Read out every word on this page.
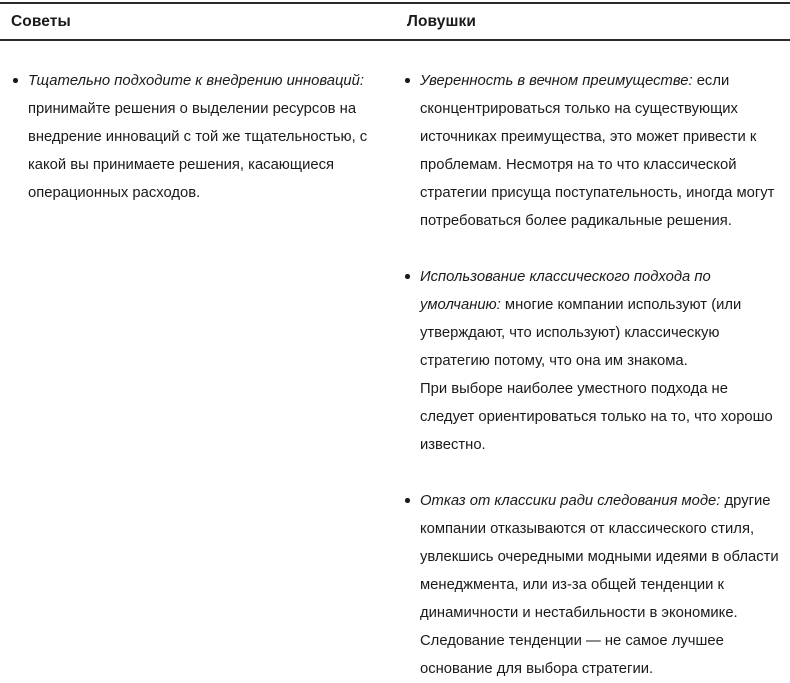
Советы	Ловушки
Тщательно подходите к внедрению инноваций: принимайте решения о выделении ресурсов на внедрение инноваций с той же тщательностью, с какой вы принимаете решения, касающиеся операционных расходов.
Уверенность в вечном преимуществе: если сконцентрироваться только на существующих источниках преимущества, это может привести к проблемам. Несмотря на то что классической стратегии присуща поступательность, иногда могут потребоваться более радикальные решения.
Использование классического подхода по умолчанию: многие компании используют (или утверждают, что используют) классическую стратегию потому, что она им знакома.
При выборе наиболее уместного подхода не следует ориентироваться только на то, что хорошо известно.
Отказ от классики ради следования моде: другие компании отказываются от классического стиля, увлекшись очередными модными идеями в области менеджмента, или из-за общей тенденции к динамичности и нестабильности в экономике. Следование тенденции — не самое лучшее основание для выбора стратегии.
